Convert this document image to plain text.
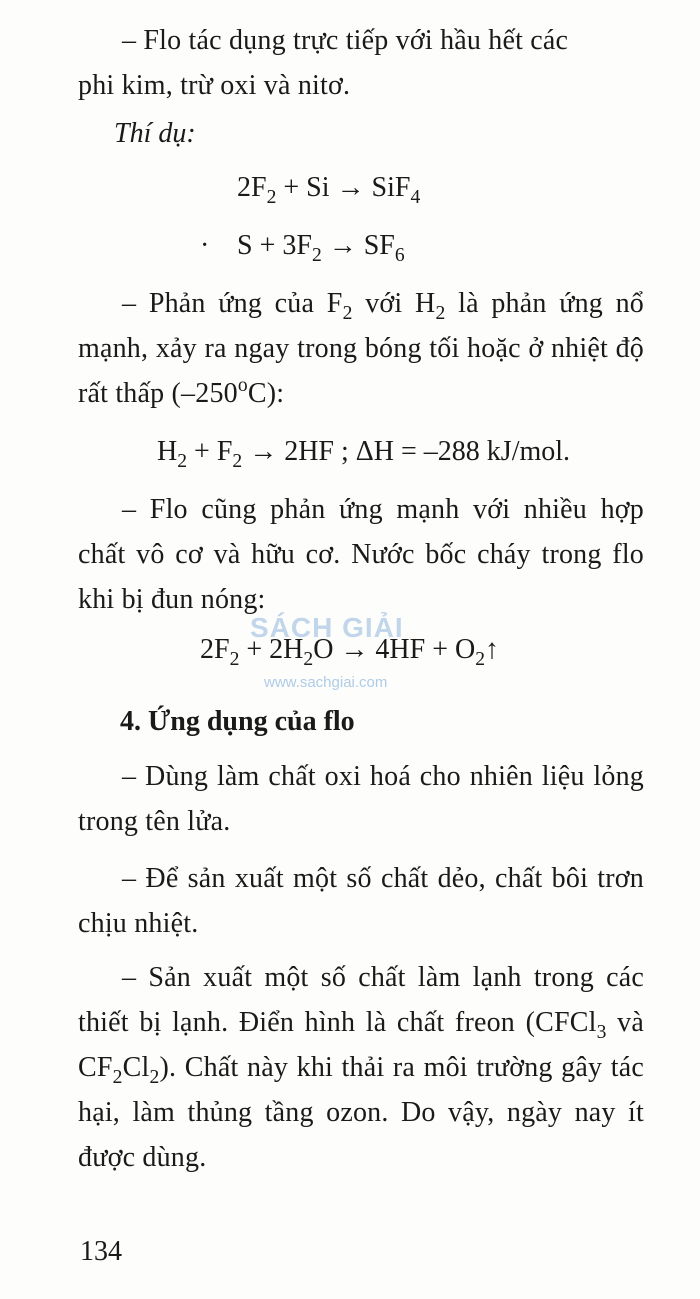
– Flo tác dụng trực tiếp với hầu hết các
phi kim, trừ oxi và nitơ.
Thí dụ:
$2F_2 + Si \to SiF_4$
· $S + 3F_2 \to SF_6$
– Phản ứng của $F_2$ với $H_2$ là phản ứng nổ mạnh, xảy ra ngay trong bóng tối hoặc ở nhiệt độ rất thấp (–250$^o$C):
$H_2 + F_2 \to 2HF$ ; ΔH = –288 kJ/mol.
– Flo cũng phản ứng mạnh với nhiều hợp chất vô cơ và hữu cơ. Nước bốc cháy trong flo khi bị đun nóng:
$2F_2 + 2H_2O \to 4HF$ + $O_2↑$
SÁCH GIẢI
www.sachgiai.com
4. Ứng dụng của flo
– Dùng làm chất oxi hoá cho nhiên liệu lỏng trong tên lửa.
– Để sản xuất một số chất dẻo, chất bôi trơn chịu nhiệt.
– Sản xuất một số chất làm lạnh trong các thiết bị lạnh. Điển hình là chất freon (CFCl$_3$ và $CF_2Cl_2$). Chất này khi thải ra môi trường gây tác hại, làm thủng tầng ozon. Do vậy, ngày nay ít được dùng.
134
